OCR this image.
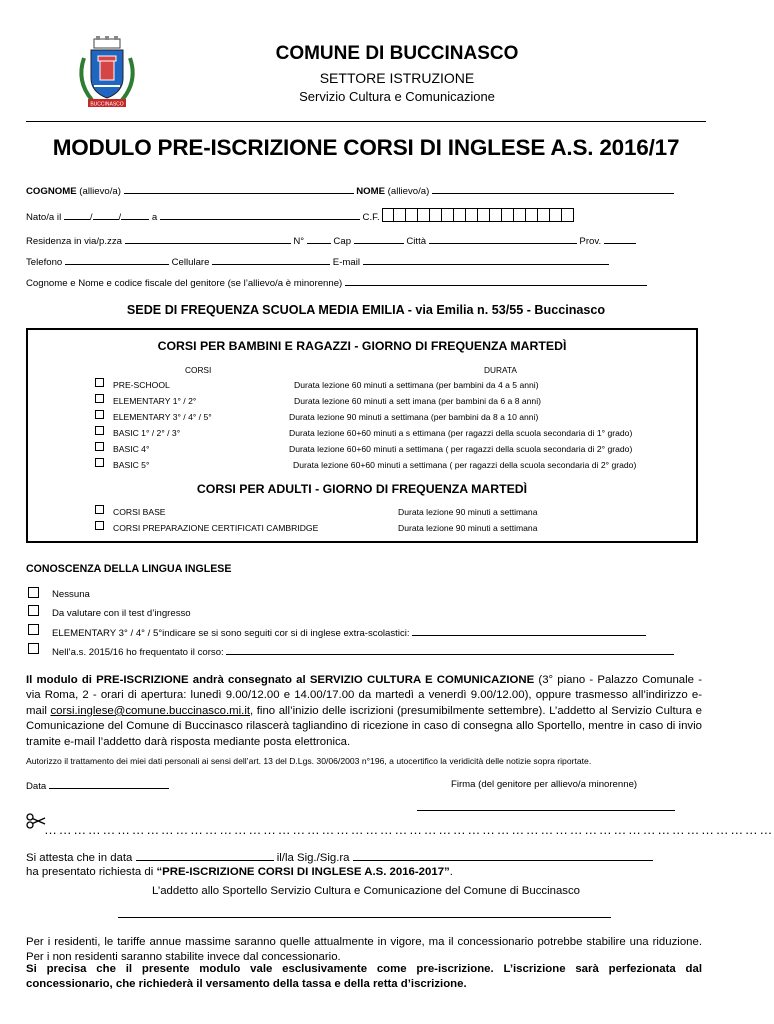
BUCCINASCO
COMUNE DI BUCCINASCO
SETTORE ISTRUZIONE
Servizio Cultura e Comunicazione
MODULO PRE-ISCRIZIONE CORSI DI INGLESE A.S. 2016/17
COGNOME (allievo/a)	NOME (allievo/a)
Nato/a il	/	/	a	C.F.
Residenza in via/p.zza	N°	Cap	Città	Prov.
Telefono	Cellulare	E-mail
Cognome e Nome e codice fiscale del genitore (se l’allievo/a è minorenne)
SEDE DI FREQUENZA SCUOLA MEDIA EMILIA - via Emilia n. 53/55 - Buccinasco
CORSI PER BAMBINI E RAGAZZI - GIORNO DI FREQUENZA MARTEDÌ
CORSI	DURATA
PRE-SCHOOL	Durata lezione 60 minuti a settimana (per bambini da 4 a 5 anni)
ELEMENTARY 1° / 2°	Durata lezione 60 minuti a sett imana (per bambini da 6 a 8 anni)
ELEMENTARY 3° / 4° / 5°	Durata lezione 90 minuti a settimana (per bambini da 8 a 10 anni)
BASIC 1° / 2° / 3°	Durata lezione 60+60 minuti a s ettimana (per ragazzi della scuola secondaria di 1° grado)
BASIC 4°	Durata lezione 60+60 minuti a settimana ( per ragazzi della scuola secondaria di 2° grado)
BASIC 5°	Durata lezione 60+60 minuti a settimana ( per ragazzi della scuola secondaria di 2° grado)
CORSI PER ADULTI - GIORNO DI FREQUENZA MARTEDÌ
CORSI BASE	Durata lezione 90 minuti a settimana
CORSI PREPARAZIONE CERTIFICATI CAMBRIDGE	Durata lezione 90 minuti a settimana
CONOSCENZA DELLA LINGUA INGLESE
Nessuna
Da valutare con il test d’ingresso
ELEMENTARY 3° / 4° / 5°indicare se si sono seguiti cor si di inglese extra-scolastici:
Nell’a.s. 2015/16 ho frequentato il corso:
Il modulo di PRE-ISCRIZIONE andrà consegnato al SERVIZIO CULTURA E COMUNICAZIONE (3° piano - Palazzo Comunale - via Roma, 2 - orari di apertura: lunedì 9.00/12.00 e 14.00/17.00 da martedì a venerdì 9.00/12.00), oppure trasmesso all’indirizzo e-mail corsi.inglese@comune.buccinasco.mi.it, fino all’inizio delle iscrizioni (presumibilmente settembre). L’addetto al Servizio Cultura e Comunicazione del Comune di Buccinasco rilascerà tagliandino di ricezione in caso di consegna allo Sportello, mentre in caso di invio tramite e-mail l’addetto darà risposta mediante posta elettronica.
Autorizzo il trattamento dei miei dati personali ai sensi dell’art. 13 del D.Lgs. 30/06/2003 n°196, a utocertifico la veridicità delle notizie sopra riportate.
Data	Firma (del genitore per allievo/a minorenne)
……………………………………………………………………………………………………………………………………
Si attesta che in data	il/la Sig./Sig.ra
ha presentato richiesta di “PRE-ISCRIZIONE CORSI DI INGLESE A.S. 2016-2017”.
L’addetto allo Sportello Servizio Cultura e Comunicazione del Comune di Buccinasco
Per i residenti, le tariffe annue massime saranno quelle attualmente in vigore, ma il concessionario potrebbe stabilire una riduzione. Per i non residenti saranno stabilite invece dal concessionario.
Si precisa che il presente modulo vale esclusivamente come pre-iscrizione. L’iscrizione sarà perfezionata dal concessionario, che richiederà il versamento della tassa e della retta d’iscrizione.
